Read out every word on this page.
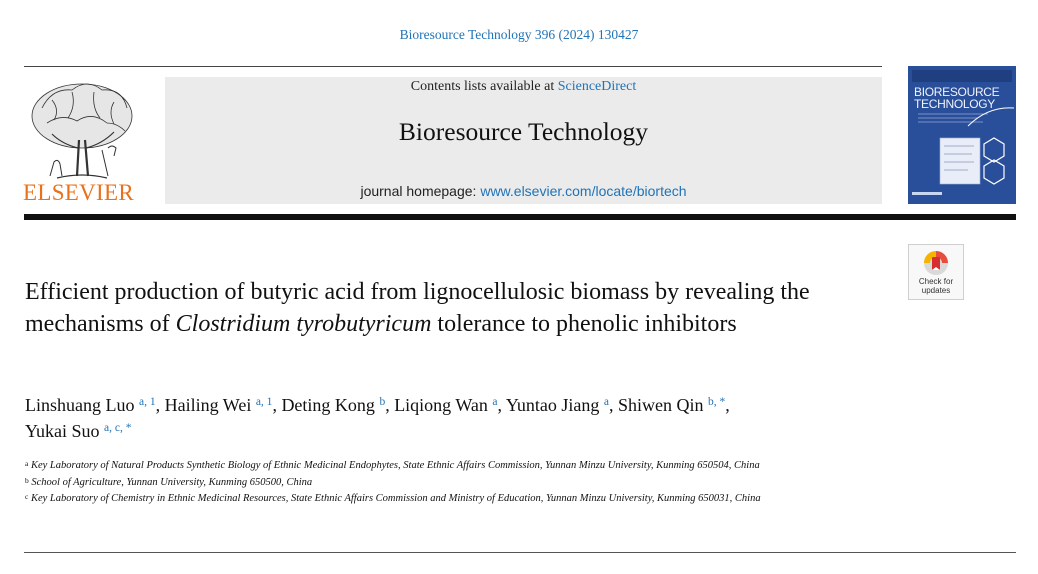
Bioresource Technology 396 (2024) 130427
ELSEVIER
Contents lists available at ScienceDirect
Bioresource Technology
journal homepage: www.elsevier.com/locate/biortech
BIORESOURCE
TECHNOLOGY
Check for
updates
Efficient production of butyric acid from lignocellulosic biomass by revealing the mechanisms of Clostridium tyrobutyricum tolerance to phenolic inhibitors
Linshuang Luo $^{a, 1}$, Hailing Wei $^{a, 1}$, Deting Kong $^b$, Liqiong Wan $^a$, Yuntao Jiang $^a$, Shiwen Qin $^{b, *}$,
Yukai Suo $^{a, c, *}$
$^a$ Key Laboratory of Natural Products Synthetic Biology of Ethnic Medicinal Endophytes, State Ethnic Affairs Commission, Yunnan Minzu University, Kunming 650504, China
$^b$ School of Agriculture, Yunnan University, Kunming 650500, China
$^c$ Key Laboratory of Chemistry in Ethnic Medicinal Resources, State Ethnic Affairs Commission and Ministry of Education, Yunnan Minzu University, Kunming 650031, China
